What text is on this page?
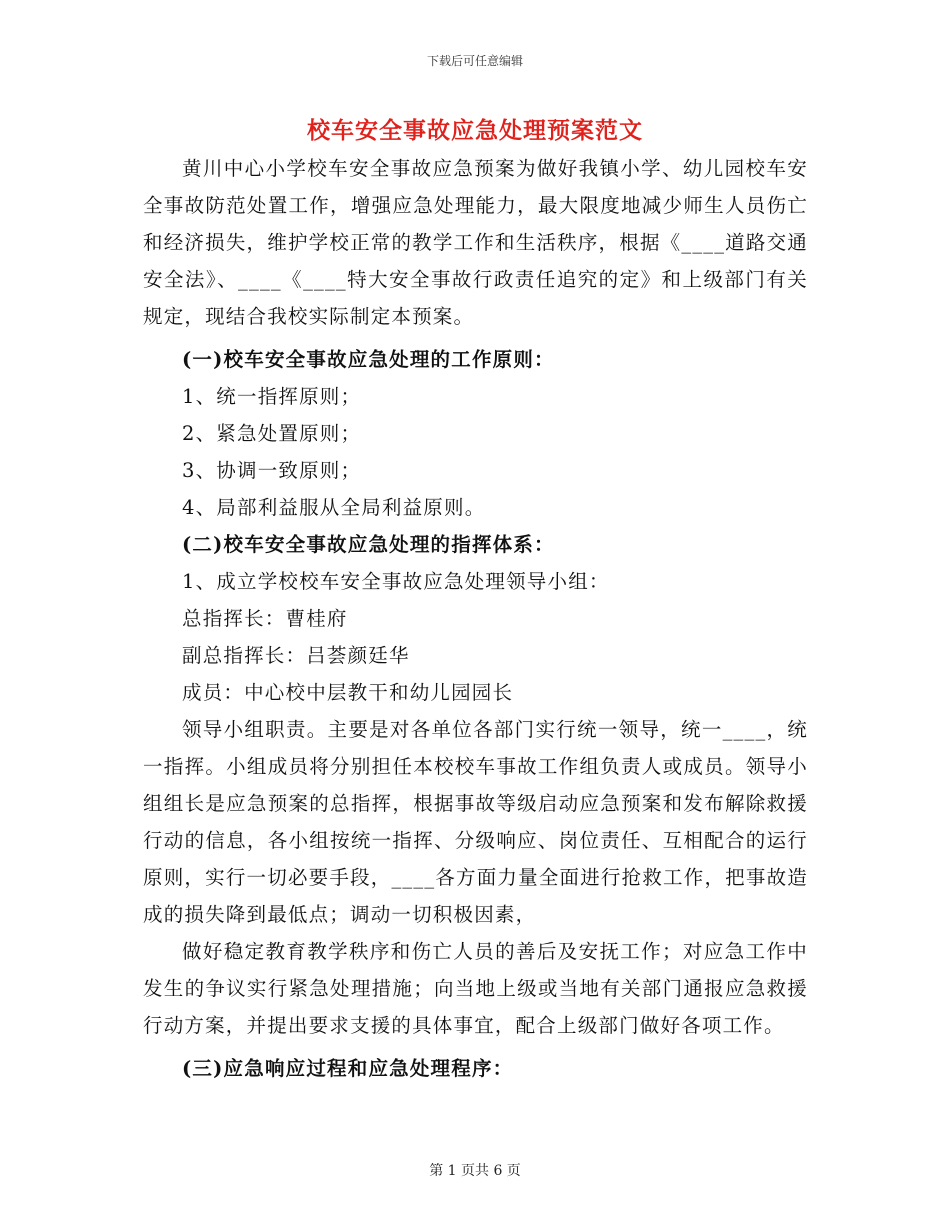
下载后可任意编辑
校车安全事故应急处理预案范文

黄川中心小学校车安全事故应急预案为做好我镇小学、幼儿园校车安全事故防范处置工作，增强应急处理能力，最大限度地减少师生人员伤亡和经济损失，维护学校正常的教学工作和生活秩序，根据《____道路交通安全法》、____《____特大安全事故行政责任追究的定》和上级部门有关规定，现结合我校实际制定本预案。

(一)校车安全事故应急处理的工作原则：

1、统一指挥原则；

2、紧急处置原则；

3、协调一致原则；

4、局部利益服从全局利益原则。

(二)校车安全事故应急处理的指挥体系：

1、成立学校校车安全事故应急处理领导小组：

总指挥长：曹桂府

副总指挥长：吕荟颜廷华

成员：中心校中层教干和幼儿园园长

领导小组职责。主要是对各单位各部门实行统一领导，统一____，统一指挥。小组成员将分别担任本校校车事故工作组负责人或成员。领导小组组长是应急预案的总指挥，根据事故等级启动应急预案和发布解除救援行动的信息，各小组按统一指挥、分级响应、岗位责任、互相配合的运行原则，实行一切必要手段，____各方面力量全面进行抢救工作，把事故造成的损失降到最低点；调动一切积极因素，

做好稳定教育教学秩序和伤亡人员的善后及安抚工作；对应急工作中发生的争议实行紧急处理措施；向当地上级或当地有关部门通报应急救援行动方案，并提出要求支援的具体事宜，配合上级部门做好各项工作。

(三)应急响应过程和应急处理程序：

第 1 页共 6 页
